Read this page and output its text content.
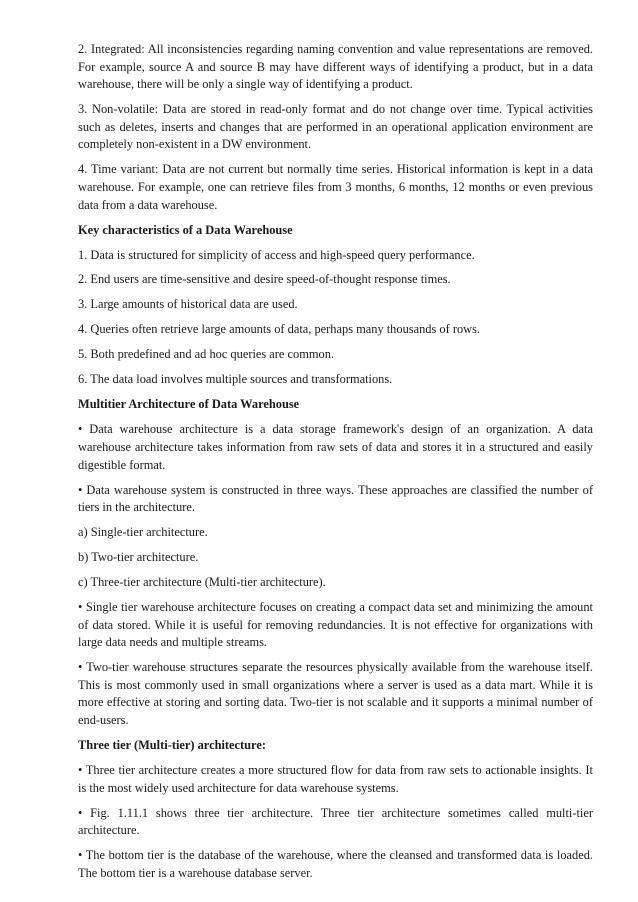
2. Integrated: All inconsistencies regarding naming convention and value representations are removed. For example, source A and source B may have different ways of identifying a product, but in a data warehouse, there will be only a single way of identifying a product.

3. Non-volatile: Data are stored in read-only format and do not change over time. Typical activities such as deletes, inserts and changes that are performed in an operational application environment are completely non-existent in a DW environment.

4. Time variant: Data are not current but normally time series. Historical information is kept in a data warehouse. For example, one can retrieve files from 3 months, 6 months, 12 months or even previous data from a data warehouse.

Key characteristics of a Data Warehouse

1. Data is structured for simplicity of access and high-speed query performance.

2. End users are time-sensitive and desire speed-of-thought response times.

3. Large amounts of historical data are used.

4. Queries often retrieve large amounts of data, perhaps many thousands of rows.

5. Both predefined and ad hoc queries are common.

6. The data load involves multiple sources and transformations.

Multitier Architecture of Data Warehouse

• Data warehouse architecture is a data storage framework's design of an organization. A data warehouse architecture takes information from raw sets of data and stores it in a structured and easily digestible format.

• Data warehouse system is constructed in three ways. These approaches are classified the number of tiers in the architecture.

a) Single-tier architecture.

b) Two-tier architecture.

c) Three-tier architecture (Multi-tier architecture).

• Single tier warehouse architecture focuses on creating a compact data set and minimizing the amount of data stored. While it is useful for removing redundancies. It is not effective for organizations with large data needs and multiple streams.

• Two-tier warehouse structures separate the resources physically available from the warehouse itself. This is most commonly used in small organizations where a server is used as a data mart. While it is more effective at storing and sorting data. Two-tier is not scalable and it supports a minimal number of end-users.

Three tier (Multi-tier) architecture:

• Three tier architecture creates a more structured flow for data from raw sets to actionable insights. It is the most widely used architecture for data warehouse systems.

• Fig. 1.11.1 shows three tier architecture. Three tier architecture sometimes called multi-tier architecture.

• The bottom tier is the database of the warehouse, where the cleansed and transformed data is loaded. The bottom tier is a warehouse database server.
